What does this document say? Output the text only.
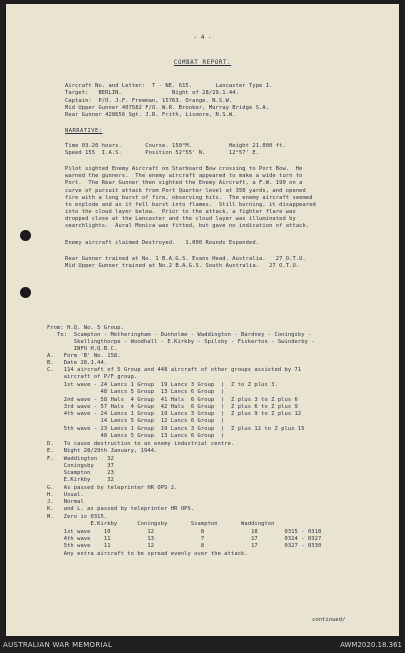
- 4 -
COMBAT REPORT.
Aircraft No. and Letter:  T - NE. 615.       Lancaster Type I.
Target:   BERLIN.               Night of 28/29.1.44.
Captain:  P/O. J.F. Freeman, 15763. Orange. N.S.W.
Mid Upper Gunner 407582 F/O. W.R. Brooker, Murray Bridge S.A.
Rear Gunner 428656 Sgt. J.R. Frith, Lismore, N.S.W.
NARRATIVE:
Time 03.20 hours.       Course. 150°M.           Height 21.000 ft.
Speed 155  I.A.S.       Position 52°55' N.       12°57' E.
Pilot sighted Enemy Aircraft on Starboard Bow crossing to Port Bow.  He
warned the gunners.  The enemy aircraft appeared to make a wide turn to
Port.  The Rear Gunner then sighted the Enemy Aircraft, a F.W. 190 on a
curve of pursuit attack from Port Quarter level at 350 yards, and opened
fire with a long burst of fire, observing hits.  The enemy aircraft seemed
to explode and as it fell burst into flames.  Still burning, it disappeared
into the cloud layer below.  Prior to the attack, a fighter flare was
dropped close at the Lancaster and the cloud layer was illuminated by
searchlights.  Aural Monica was fitted, but gave no indication of attack.
Enemy aircraft claimed Destroyed.   1,000 Rounds Expended.
Rear Gunner trained at No. 1 B.A.G.S. Evans Head. Australia.   27 O.T.U.
Mid Upper Gunner trained at No.2 B.A.G.S. South Australia.   27 O.T.U.
From: H.Q. No. 5 Group.
To:  Scampton - Metheringham - Dunholme - Waddington - Bardney - Coningsby -
Skellingthorpe - Woodhall - E.Kirkby - Spilsby - Fiskerton - Swinderby -
INFO H.Q.B.C.
A.   Form 'B' No. 158.
B.   Date 28.1.44.
C.   114 aircraft of 5 Group and 448 aircraft of other groups assisted by 71
aircraft of P/F group.
1st wave - 24 Lancs 1 Group  19 Lancs 3 Group  )  Z to Z plus 3.
48 Lancs 5 Group  13 Lancs 6 Group  )
2nd wave - 58 Hals  4 Group  41 Hals  6 Group  )  Z plus 3 to Z plus 6
3rd wave - 57 Hals  4 Group  42 Hals  6 Group  )  Z plus 6 to Z plus 9
4th wave - 24 Lancs 1 Group  19 Lancs 3 Group  )  Z plus 9 to Z plus 12
14 Lancs 5 Group  12 Lancs 6 Group  )
5th wave - 23 Lancs 1 Group  19 Lancs 3 Group  )  Z plus 12 to Z plus 15
48 Lancs 5 Group  13 Lancs 6 Group  )
D.   To cause destruction to an enemy industrial centre.
E.   Night 28/29th January, 1944.
F.   Waddington   32
Coningsby    37
Scampton     23
E.Kirkby     32
G.   As passed by teleprinter HR OPS 2.
H.   Usual.
J.   Normal
K.   and L. as passed by teleprinter HR OPS.
M.   Zero is 0315.
E.Kirkby      Coningsby       Scampton       Waddington
1st wave    10           12              8              18        0315 - 0318
4th wave    11           13              7              17        0324 - 0327
5th wave    11           12              8              17        0327 - 0330
Any extra aircraft to be spread evenly over the attack.
continued/
AUSTRALIAN WAR MEMORIAL	AWM2020.18.361
